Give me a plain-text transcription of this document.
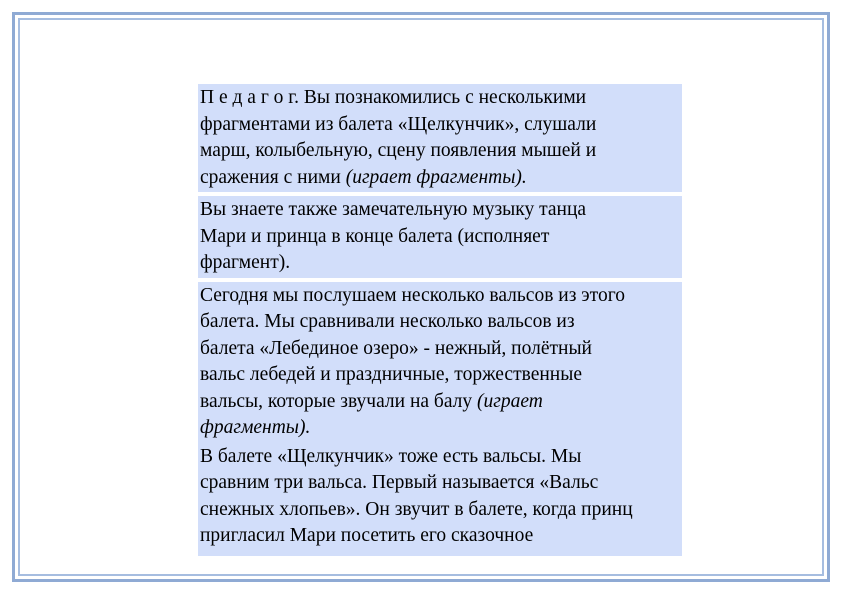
П е д а г о г. Вы познакомились с несколькими
фрагментами из балета «Щелкунчик», слушали
марш, колыбельную, сцену появления мышей и
сражения с ними (играет фрагменты).
Вы знаете также замечательную музыку танца
Мари и принца в конце балета (исполняет
фрагмент).
Сегодня мы послушаем несколько вальсов из этого
балета. Мы сравнивали несколько вальсов из
балета «Лебединое озеро» - нежный, полётный
вальс лебедей и праздничные, торжественные
вальсы, которые звучали на балу (играет
фрагменты).
В балете «Щелкунчик» тоже есть вальсы. Мы
сравним три вальса. Первый называется «Вальс
снежных хлопьев». Он звучит в балете, когда принц
пригласил Мари посетить его сказочное
